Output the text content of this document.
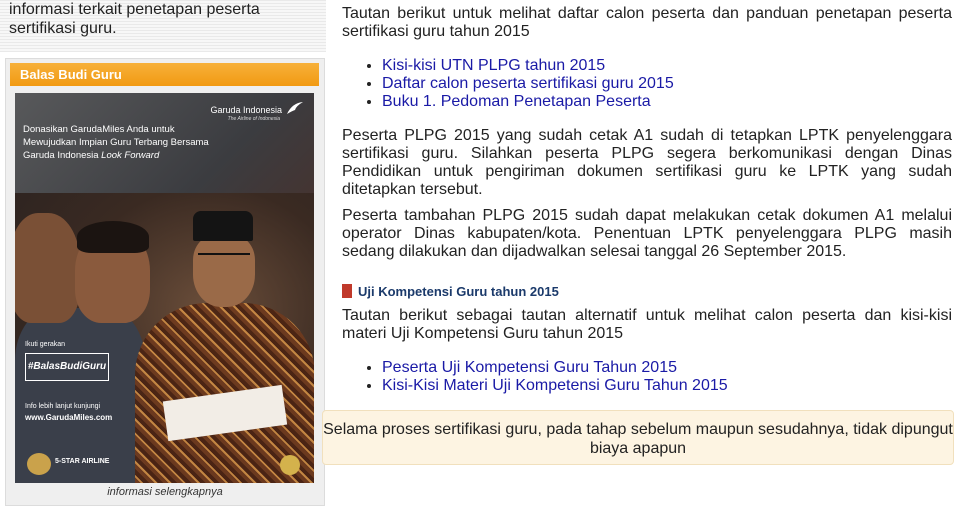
informasi terkait penetapan peserta sertifikasi guru.
Balas Budi Guru
Garuda Indonesia
The Airline of Indonesia
Donasikan GarudaMiles Anda untuk Mewujudkan Impian Guru Terbang Bersama Garuda Indonesia Look Forward
Ikuti gerakan
#BalasBudiGuru
Info lebih lanjut kunjungi
www.GarudaMiles.com
5-STAR AIRLINE
informasi selengkapnya

Tautan berikut untuk melihat daftar calon peserta dan panduan penetapan peserta sertifikasi guru tahun 2015

• Kisi-kisi UTN PLPG tahun 2015
• Daftar calon peserta sertifikasi guru 2015
• Buku 1. Pedoman Penetapan Peserta

Peserta PLPG 2015 yang sudah cetak A1 sudah di tetapkan LPTK penyelenggara sertifikasi guru. Silahkan peserta PLPG segera berkomunikasi dengan Dinas Pendidikan untuk pengiriman dokumen sertifikasi guru ke LPTK yang sudah ditetapkan tersebut.

Peserta tambahan PLPG 2015 sudah dapat melakukan cetak dokumen A1 melalui operator Dinas kabupaten/kota. Penentuan LPTK penyelenggara PLPG masih sedang dilakukan dan dijadwalkan selesai tanggal 26 September 2015.

Uji Kompetensi Guru tahun 2015

Tautan berikut sebagai tautan alternatif untuk melihat calon peserta dan kisi-kisi materi Uji Kompetensi Guru tahun 2015

• Peserta Uji Kompetensi Guru Tahun 2015
• Kisi-Kisi Materi Uji Kompetensi Guru Tahun 2015
Selama proses sertifikasi guru, pada tahap sebelum maupun sesudahnya, tidak dipungut biaya apapun
